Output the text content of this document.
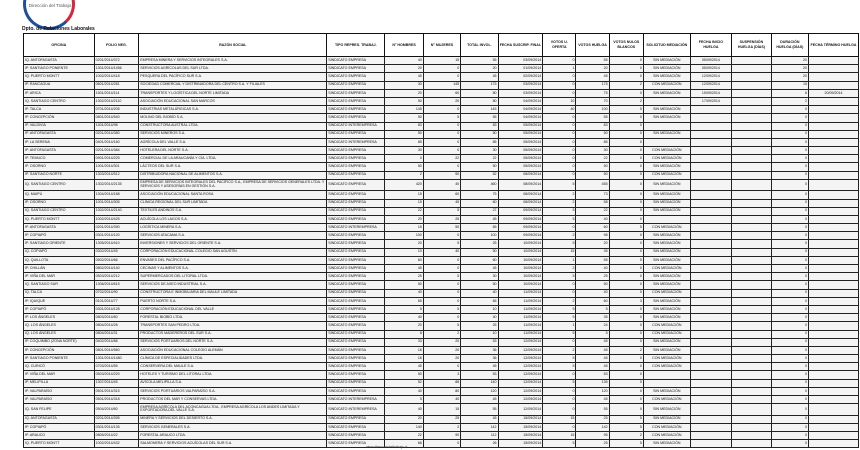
Dirección del Trabajo
Dpto. de Relaciones Laborales
OFICINA	FOLIO NEG.	RAZÓN SOCIAL	TIPO REPRES. TRABAJ.	N° HOMBRES	N° MUJERES	TOTAL INVOL.	FECHA SUSCRIP. FINAL	VOTOS U. OFERTA	VOTOS HUELGA	VOTOS NULOS BLANCOS	SOLICITUD MEDIACIÓN	FECHA INICIO HUELGA	SUSPENSIÓN HUELGA (DÍAS)	DURACIÓN HUELGA (DÍAS)	FECHA TÉRMINO HUELGA
IQ. ANTOFAGASTA	0201/2014/372	EMPRESA MINERA Y SERVICIOS INTEGRALES S.A.	SINDICATO EMPRESA	40	15	55	03/09/2014	0	55	0	SIN MEDIACIÓN	05/09/2014		20	
IP. SANTIAGO PONIENTE	1301/2014/1456	SERVICIOS AGRÍCOLAS DEL SUR LTDA.	SINDICATO EMPRESA	20	0	20	01/09/2014	1	20	0	SIN MEDIACIÓN	05/09/2014		20	
IQ. PUERTO MONTT	1002/2014/418	PESQUERA DEL PACÍFICO SUR S.A.	SINDICATO EMPRESA	45	0	45	02/09/2014	0	45	0	SIN MEDIACIÓN	12/09/2014		20	
IP. RANCAGUA	0601/2014/281	SOCIEDAD COMERCIAL Y DISTRIBUIDORA DEL CENTRO S.A. Y FILIALES	SINDICATO EMPRESA	30	145	175	03/09/2014	0	175	2	CON MEDIACIÓN	12/09/2014		15	
IP. ARICA	1501/2014/114	TRANSPORTES Y LOGÍSTICA DEL NORTE LIMITADA	SINDICATO EMPRESA	20	60	80	03/09/2014	0	75	0	SIN MEDIACIÓN	15/09/2014		6	20/09/2014
IQ. SANTIAGO CENTRO	1302/2014/2110	ASOCIACIÓN EDUCACIONAL SAN MARCOS	SINDICATO EMPRESA	50	20	80	04/09/2014	10	70	2		17/09/2014		2	
IP. TALCA	0701/2014/205	INDUSTRIAS METALÚRGICAS S.A.	SINDICATO EMPRESA	145	0	145	04/09/2014	40	100	5	SIN MEDIACIÓN			0	
IP. CONCEPCIÓN	0801/2014/540	MOLINO DEL BIOBÍO S.A.	SINDICATO EMPRESA	50	5	55	04/09/2014	0	55	0	SIN MEDIACIÓN			0	
IP. VALDIVIA	1401/2014/98	CONSTRUCTORA AUSTRAL LTDA.	SINDICATO INTEREMPRESA	83	0	83	05/09/2014	0	83	0				0	
IP. ANTOFAGASTA	0201/2014/380	SERVICIOS MINEROS S.A.	SINDICATO EMPRESA	50	0	50	05/09/2014	0	50	0	SIN MEDIACIÓN			0	
IP. LA SERENA	0401/2014/160	AGRÍCOLA DEL VALLE S.A.	SINDICATO INTEREMPRESA	85	0	85	05/09/2014	0	85	0				0	
IP. ANTOFAGASTA	0201/2014/384	HOTELERA DEL NORTE S.A.	SINDICATO EMPRESA	30	0	30	05/09/2014	0	30	0	CON MEDIACIÓN			0	
IP. TEMUCO	0901/2014/225	COMERCIAL DE LA ARAUCANÍA Y CÍA. LTDA.	SINDICATO EMPRESA	0	22	22	05/09/2014	0	22	0	CON MEDIACIÓN			0	
IP. OSORNO	1001/2014/301	LÁCTEOS DEL SUR S.A.	SINDICATO EMPRESA	50	0	50	05/09/2014	0	50	0	SIN MEDIACIÓN			0	
IP. SANTIAGO NORTE	1303/2014/512	DISTRIBUIDORA NACIONAL DE ALIMENTOS S.A.	SINDICATO EMPRESA	2	50	52	08/09/2014	0	50	0	CON MEDIACIÓN			0	
IQ. SANTIAGO CENTRO	1302/2014/2135	EMPRESA DE SERVICIOS INTEGRALES DEL PACÍFICO S.A., EMPRESA DE SERVICIOS GENERALES LTDA. Y SERVICIOS Y ASESORÍAS EN GESTIÓN S.A.	SINDICATO EMPRESA	420	40	460	08/09/2014	5	455	0	SIN MEDIACIÓN			0	
IQ. MAIPÚ	1304/2014/188	ASOCIACIÓN EDUCACIONAL SANTA ROSA	SINDICATO EMPRESA	15	60	75	08/09/2014	2	73	0	SIN MEDIACIÓN			0	
IP. OSORNO	1001/2014/305	CLÍNICA REGIONAL DEL SUR LIMITADA	SINDICATO EMPRESA	15	45	60	08/09/2014	2	58	0	SIN MEDIACIÓN			0	
IQ. SANTIAGO CENTRO	1302/2014/2140	TEXTILES ANDINOS S.A.	SINDICATO EMPRESA	22	5	27	09/09/2014	5	22	0	SIN MEDIACIÓN			0	
IQ. PUERTO MONTT	1002/2014/425	ACUÍCOLA LOS LAGOS S.A.	SINDICATO EMPRESA	20	25	45	09/09/2014	5	40	0				0	
IP. ANTOFAGASTA	0201/2014/390	LOGÍSTICA MINERA S.A.	SINDICATO INTEREMPRESA	15	50	65	09/09/2014	0	60	5	CON MEDIACIÓN			0	
IP. COPIAPÓ	0301/2014/120	SERVICIOS ATACAMA S.A.	SINDICATO EMPRESA	100	0	100	09/09/2014	2	98	0	SIN MEDIACIÓN			0	
IP. SANTIAGO ORIENTE	1305/2014/410	INVERSIONES Y SERVICIOS DEL ORIENTE S.A.	SINDICATO EMPRESA	20	5	25	10/09/2014	5	20	0	SIN MEDIACIÓN			0	
IQ. COPIAPÓ	0302/2014/45	CORPORACIÓN EDUCACIONAL COLEGIO SAN AGUSTÍN	SINDICATO EMPRESA	10	40	50	10/09/2014	15	35	0	SIN MEDIACIÓN			0	
IQ. QUILLOTA	0502/2014/66	ENVASES DEL PACÍFICO S.A.	SINDICATO EMPRESA	60	0	60	10/09/2014	1	55	5	SIN MEDIACIÓN			0	
IP. CHILLÁN	0802/2014/140	CECINAS Y ALIMENTOS S.A.	SINDICATO EMPRESA	45	0	45	10/09/2014	2	40	0	CON MEDIACIÓN			0	
IP. VIÑA DEL MAR	0503/2014/212	SUPERMERCADOS DEL LITORAL LTDA.	SINDICATO EMPRESA	25	5	30	10/09/2014	5	25	0	SIN MEDIACIÓN			0	
IQ. SANTIAGO SUR	1306/2014/615	SERVICIOS DE ASEO INDUSTRIAL S.A.	SINDICATO EMPRESA	50	0	50	10/09/2014	0	50	0	SIN MEDIACIÓN			0	
IQ. TALCA	0702/2014/90	CONSTRUCTORA E INMOBILIARIA DEL MAULE LIMITADA	SINDICATO EMPRESA	40	0	40	11/09/2014	0	40	0	CON MEDIACIÓN			0	
IP. IQUIQUE	0101/2014/77	PUERTO NORTE S.A.	SINDICATO EMPRESA	65	0	65	11/09/2014	2	60	3	SIN MEDIACIÓN			0	
IP. COPIAPÓ	0301/2014/128	CORPORACIÓN EDUCACIONAL DEL VALLE	SINDICATO EMPRESA	5	5	10	11/09/2014	5	5	0	SIN MEDIACIÓN			0	
IP. LOS ÁNGELES	0803/2014/60	FORESTAL BIOBÍO LTDA.	SINDICATO EMPRESA	40	0	40	11/09/2014	5	35	0	SIN MEDIACIÓN			0	
IQ. LOS ÁNGELES	0804/2014/28	TRANSPORTES SAN PEDRO LTDA.	SINDICATO EMPRESA	20	5	25	11/09/2014	1	24	0	CON MEDIACIÓN			0	
IQ. LOS ÁNGELES	0804/2014/31	PRODUCTOS MADEREROS DEL SUR S.A.	SINDICATO EMPRESA	8	2	10	11/09/2014	5	5	0	CON MEDIACIÓN			0	
IP. COQUIMBO (ZONA NORTE)	0402/2014/88	SERVICIOS PORTUARIOS DEL NORTE S.A.	SINDICATO EMPRESA	33	20	53	12/09/2014	0	45	0	SIN MEDIACIÓN			0	
IP. CONCEPCIÓN	0801/2014/560	ASOCIACIÓN EDUCACIONAL COLEGIO ALEMÁN	SINDICATO EMPRESA	16	20	36	12/09/2014	2	45	2	SIN MEDIACIÓN			0	
IP. SANTIAGO PONIENTE	1301/2014/1480	CLÍNICA DE ESPECIALIDADES LTDA.	SINDICATO EMPRESA	16	20	36	12/09/2014	5	45	0	CON MEDIACIÓN			0	
IQ. CURICÓ	0703/2014/55	CONSERVERA DEL MAULE S.A.	SINDICATO EMPRESA	45	0	45	12/09/2014	5	45	0	CON MEDIACIÓN			0	
IP. VIÑA DEL MAR	0503/2014/220	HOTELES Y TURISMO DEL LITORAL LTDA.	SINDICATO EMPRESA	50	3	53	12/09/2014	0	53	0				0	
IP. MELIPILLA	1307/2014/45	AVÍCOLA MELIPILLA S.A.	SINDICATO EMPRESA	52	88	140	12/09/2014	5	135	0				0	
IP. VALPARAÍSO	0501/2014/315	SERVICIOS PORTUARIOS VALPARAÍSO S.A.	SINDICATO EMPRESA	40	80	120	12/09/2014	0	120	0	SIN MEDIACIÓN			0	
IP. VALPARAÍSO	0501/2014/318	PRODUCTOS DEL MAR Y CONSERVAS LTDA.	SINDICATO INTEREMPRESA	5	40	45	12/09/2014	0	45	0	CON MEDIACIÓN			0	
IQ. SAN FELIPE	0504/2014/60	EMPRESA AGRÍCOLA DEL ACONCAGUA LTDA., EMPRESA AGRÍCOLA LOS ANDES LIMITADA Y EXPORTADORA DEL VALLE S.A.	SINDICATO INTEREMPRESA	40	15	55	12/09/2014	0	55	0	SIN MEDIACIÓN			0	
IQ. ANTOFAGASTA	0201/2014/395	MINERA Y SERVICIOS DEL DESIERTO S.A.	SINDICATO EMPRESA	20	25	45	15/09/2014	15	25	5	SIN MEDIACIÓN			0	
IP. COPIAPÓ	0301/2014/135	SERVICIOS GENERALES S.A.	SINDICATO EMPRESA	140	2	142	15/09/2014	0	142	5	CON MEDIACIÓN			0	
IP. ARAUCO	0805/2014/22	FORESTAL ARAUCO LTDA.	SINDICATO EMPRESA	22	90	112	15/09/2014	15	95	2	CON MEDIACIÓN			0	
IQ. PUERTO MONTT	1002/2014/432	SALMONERA Y SERVICIOS ACUÍCOLAS DEL SUR S.A.	SINDICATO EMPRESA	66	0	26	15/09/2014	5	25	5	SIN MEDIACIÓN			0	
www.direcciondeltrabajo.cl
